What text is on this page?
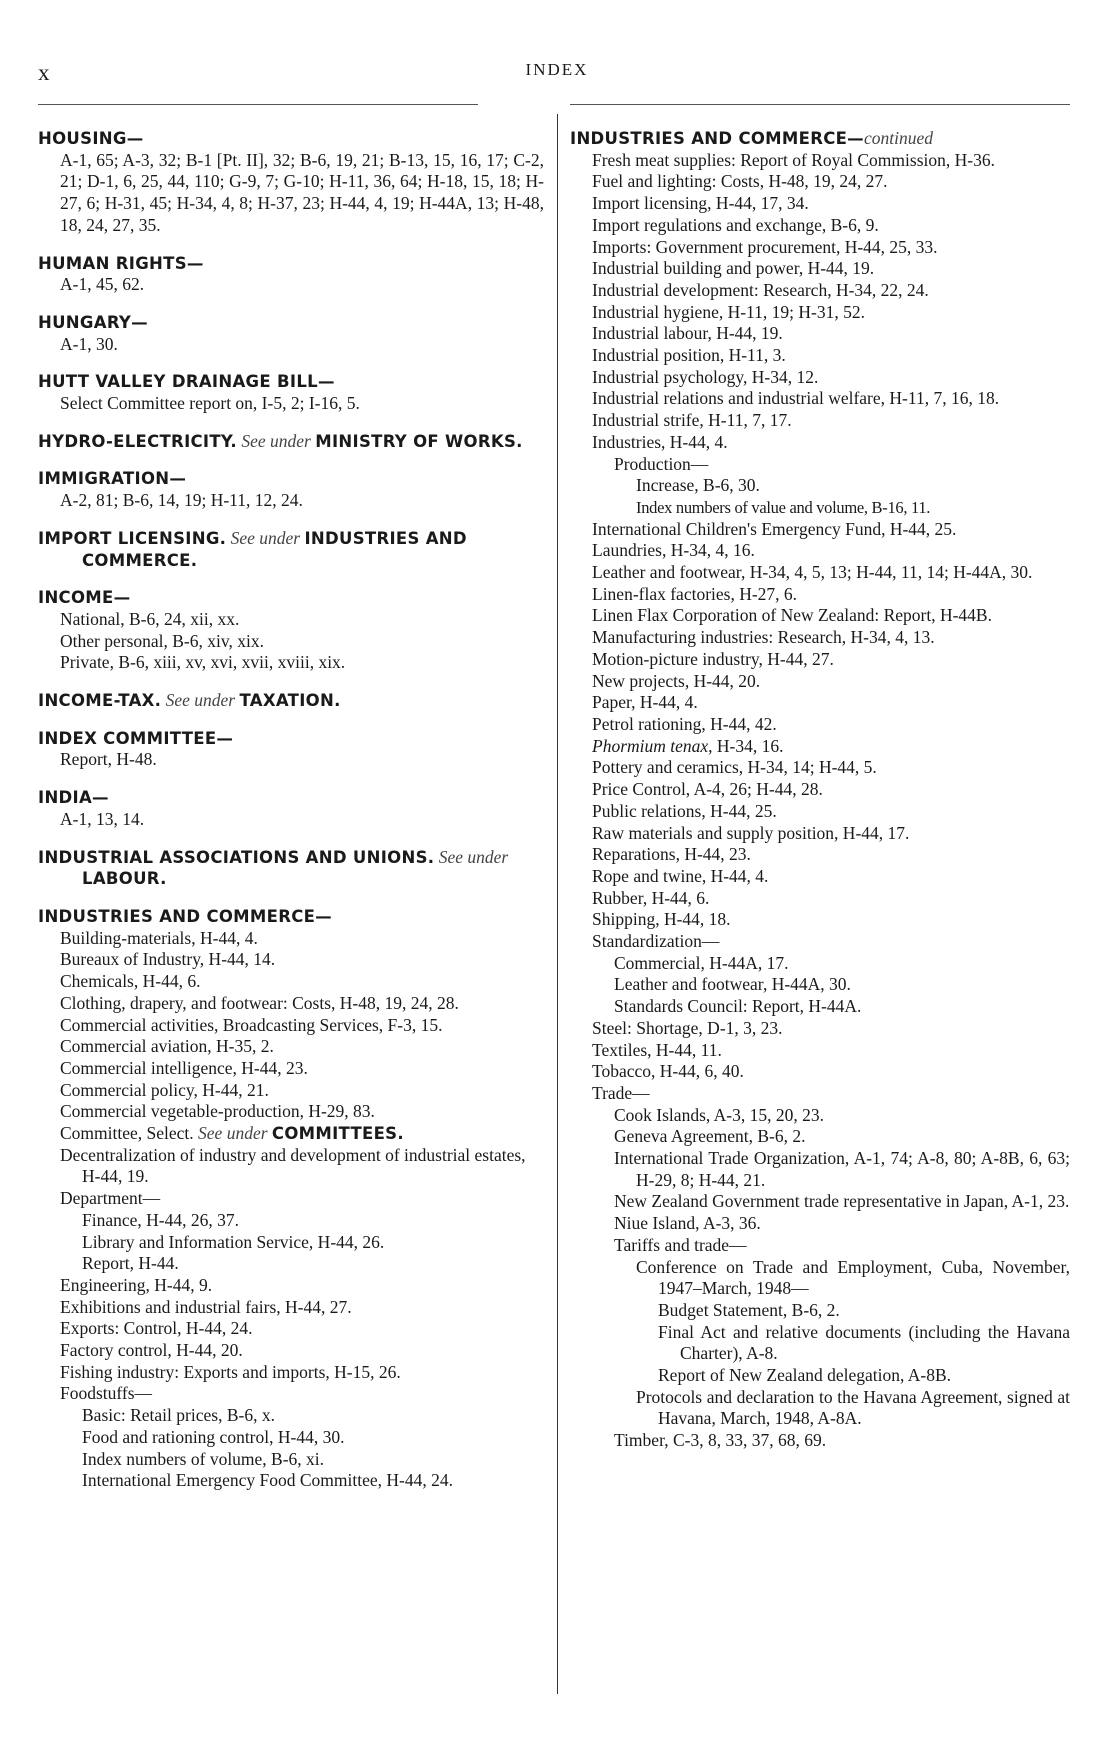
x	INDEX
HOUSING—
A-1, 65; A-3, 32; B-1 [Pt. II], 32; B-6, 19, 21; B-13, 15, 16, 17; C-2, 21; D-1, 6, 25, 44, 110; G-9, 7; G-10; H-11, 36, 64; H-18, 15, 18; H-27, 6; H-31, 45; H-34, 4, 8; H-37, 23; H-44, 4, 19; H-44A, 13; H-48, 18, 24, 27, 35.
HUMAN RIGHTS—
A-1, 45, 62.
HUNGARY—
A-1, 30.
HUTT VALLEY DRAINAGE BILL—
Select Committee report on, I-5, 2; I-16, 5.
HYDRO-ELECTRICITY. See under MINISTRY OF WORKS.
IMMIGRATION—
A-2, 81; B-6, 14, 19; H-11, 12, 24.
IMPORT LICENSING. See under INDUSTRIES AND COMMERCE.
INCOME—
National, B-6, 24, xii, xx.
Other personal, B-6, xiv, xix.
Private, B-6, xiii, xv, xvi, xvii, xviii, xix.
INCOME-TAX. See under TAXATION.
INDEX COMMITTEE—
Report, H-48.
INDIA—
A-1, 13, 14.
INDUSTRIAL ASSOCIATIONS AND UNIONS. See under LABOUR.
INDUSTRIES AND COMMERCE—
Building-materials, H-44, 4.
Bureaux of Industry, H-44, 14.
Chemicals, H-44, 6.
Clothing, drapery, and footwear: Costs, H-48, 19, 24, 28.
Commercial activities, Broadcasting Services, F-3, 15.
Commercial aviation, H-35, 2.
Commercial intelligence, H-44, 23.
Commercial policy, H-44, 21.
Commercial vegetable-production, H-29, 83.
Committee, Select. See under COMMITTEES.
Decentralization of industry and development of industrial estates, H-44, 19.
Department—
Finance, H-44, 26, 37.
Library and Information Service, H-44, 26.
Report, H-44.
Engineering, H-44, 9.
Exhibitions and industrial fairs, H-44, 27.
Exports: Control, H-44, 24.
Factory control, H-44, 20.
Fishing industry: Exports and imports, H-15, 26.
Foodstuffs—
Basic: Retail prices, B-6, x.
Food and rationing control, H-44, 30.
Index numbers of volume, B-6, xi.
International Emergency Food Committee, H-44, 24.
INDUSTRIES AND COMMERCE—continued
Fresh meat supplies: Report of Royal Commission, H-36.
Fuel and lighting: Costs, H-48, 19, 24, 27.
Import licensing, H-44, 17, 34.
Import regulations and exchange, B-6, 9.
Imports: Government procurement, H-44, 25, 33.
Industrial building and power, H-44, 19.
Industrial development: Research, H-34, 22, 24.
Industrial hygiene, H-11, 19; H-31, 52.
Industrial labour, H-44, 19.
Industrial position, H-11, 3.
Industrial psychology, H-34, 12.
Industrial relations and industrial welfare, H-11, 7, 16, 18.
Industrial strife, H-11, 7, 17.
Industries, H-44, 4.
Production—
Increase, B-6, 30.
Index numbers of value and volume, B-16, 11.
International Children's Emergency Fund, H-44, 25.
Laundries, H-34, 4, 16.
Leather and footwear, H-34, 4, 5, 13; H-44, 11, 14; H-44A, 30.
Linen-flax factories, H-27, 6.
Linen Flax Corporation of New Zealand: Report, H-44B.
Manufacturing industries: Research, H-34, 4, 13.
Motion-picture industry, H-44, 27.
New projects, H-44, 20.
Paper, H-44, 4.
Petrol rationing, H-44, 42.
Phormium tenax, H-34, 16.
Pottery and ceramics, H-34, 14; H-44, 5.
Price Control, A-4, 26; H-44, 28.
Public relations, H-44, 25.
Raw materials and supply position, H-44, 17.
Reparations, H-44, 23.
Rope and twine, H-44, 4.
Rubber, H-44, 6.
Shipping, H-44, 18.
Standardization—
Commercial, H-44A, 17.
Leather and footwear, H-44A, 30.
Standards Council: Report, H-44A.
Steel: Shortage, D-1, 3, 23.
Textiles, H-44, 11.
Tobacco, H-44, 6, 40.
Trade—
Cook Islands, A-3, 15, 20, 23.
Geneva Agreement, B-6, 2.
International Trade Organization, A-1, 74; A-8, 80; A-8B, 6, 63; H-29, 8; H-44, 21.
New Zealand Government trade representative in Japan, A-1, 23.
Niue Island, A-3, 36.
Tariffs and trade—
Conference on Trade and Employment, Cuba, November, 1947–March, 1948—
Budget Statement, B-6, 2.
Final Act and relative documents (including the Havana Charter), A-8.
Report of New Zealand delegation, A-8B.
Protocols and declaration to the Havana Agreement, signed at Havana, March, 1948, A-8A.
Timber, C-3, 8, 33, 37, 68, 69.
